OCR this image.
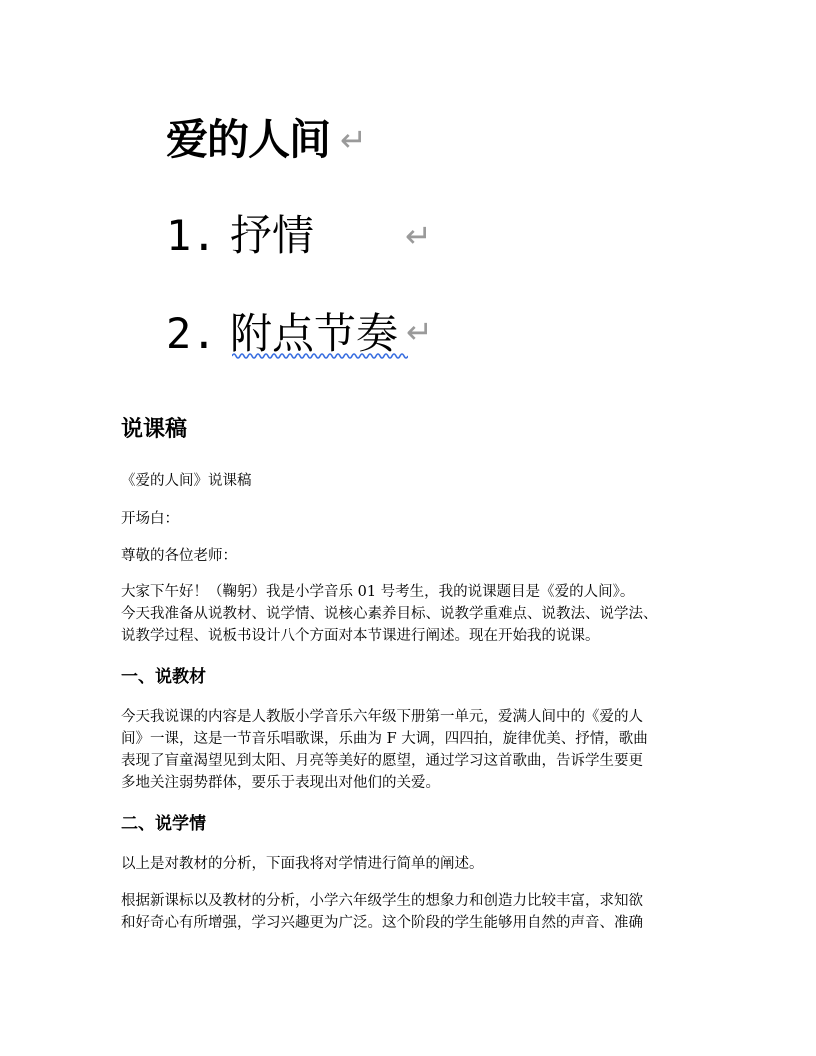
爱的人间 ↵
1. 抒情	↵
2. 附点节奏 ↵
说课稿
《爱的人间》说课稿
开场白：
尊敬的各位老师：
大家下午好！（鞠躬）我是小学音乐 01 号考生，我的说课题目是《爱的人间》。
今天我准备从说教材、说学情、说核心素养目标、说教学重难点、说教法、说学法、
说教学过程、说板书设计八个方面对本节课进行阐述。现在开始我的说课。
一、说教材
今天我说课的内容是人教版小学音乐六年级下册第一单元，爱满人间中的《爱的人
间》一课，这是一节音乐唱歌课，乐曲为 F 大调，四四拍，旋律优美、抒情，歌曲
表现了盲童渴望见到太阳、月亮等美好的愿望，通过学习这首歌曲，告诉学生要更
多地关注弱势群体，要乐于表现出对他们的关爱。
二、说学情
以上是对教材的分析，下面我将对学情进行简单的阐述。
根据新课标以及教材的分析，小学六年级学生的想象力和创造力比较丰富，求知欲
和好奇心有所增强，学习兴趣更为广泛。这个阶段的学生能够用自然的声音、准确
